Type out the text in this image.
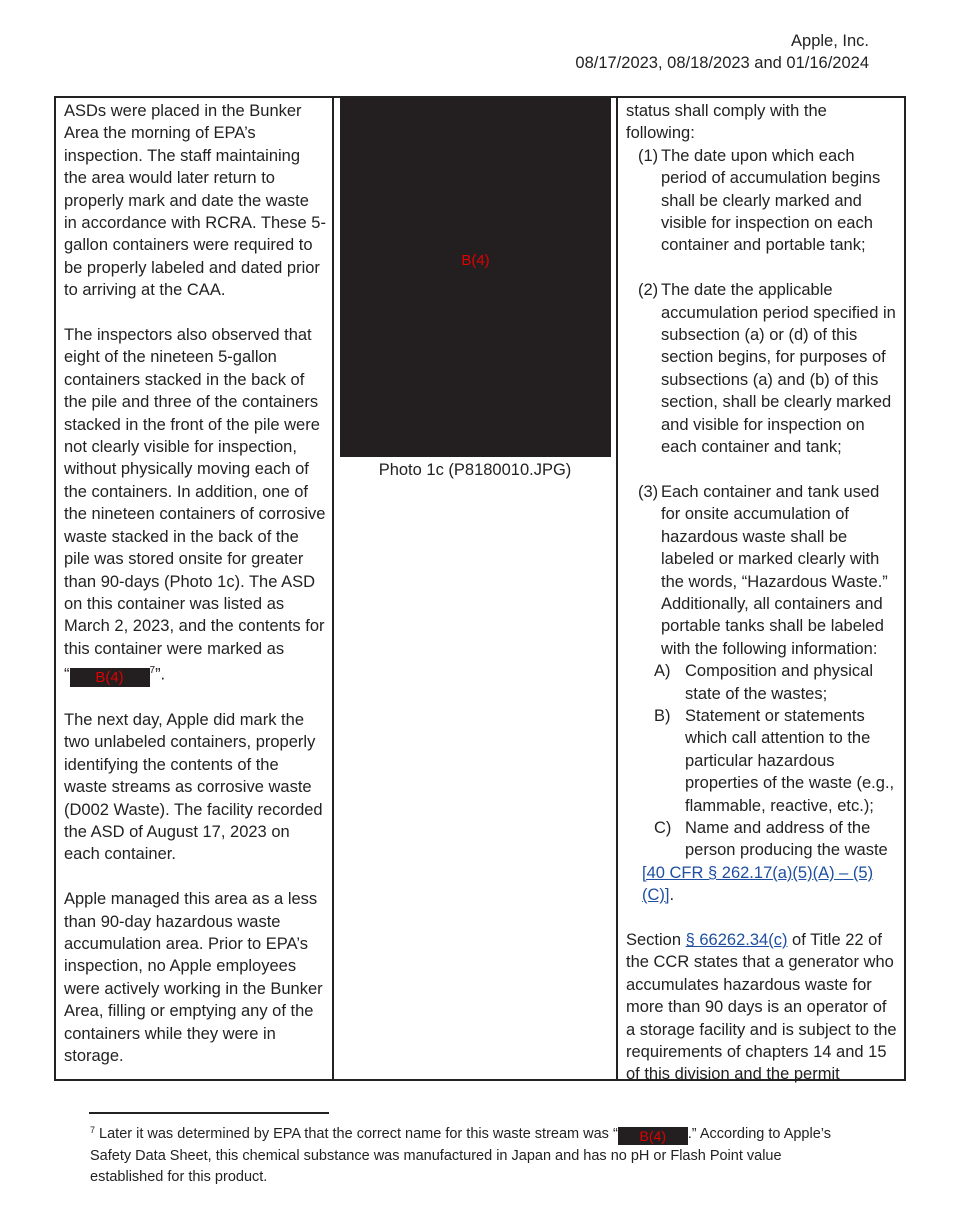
Apple, Inc.
08/17/2023, 08/18/2023 and 01/16/2024

ASDs were placed in the Bunker Area the morning of EPA’s inspection. The staff maintaining the area would later return to properly mark and date the waste in accordance with RCRA. These 5-gallon containers were required to be properly labeled and dated prior to arriving at the CAA.

The inspectors also observed that eight of the nineteen 5-gallon containers stacked in the back of the pile and three of the containers stacked in the front of the pile were not clearly visible for inspection, without physically moving each of the containers. In addition, one of the nineteen containers of corrosive waste stacked in the back of the pile was stored onsite for greater than 90-days (Photo 1c). The ASD on this container was listed as March 2, 2023, and the contents for this container were marked as
“ B(4)	$^7$”.

The next day, Apple did mark the two unlabeled containers, properly identifying the contents of the waste streams as corrosive waste (D002 Waste). The facility recorded the ASD of August 17, 2023 on each container.

Apple managed this area as a less than 90-day hazardous waste accumulation area. Prior to EPA’s inspection, no Apple employees were actively working in the Bunker Area, filling or emptying any of the containers while they were in storage.

B(4)
Photo 1c (P8180010.JPG)
status shall comply with the following:
(1) The date upon which each period of accumulation begins shall be clearly marked and visible for inspection on each container and portable tank;
(2) The date the applicable accumulation period specified in subsection (a) or (d) of this section begins, for purposes of subsections (a) and (b) of this section, shall be clearly marked and visible for inspection on each container and tank;
(3) Each container and tank used for onsite accumulation of hazardous waste shall be labeled or marked clearly with the words, “Hazardous Waste.” Additionally, all containers and portable tanks shall be labeled with the following information:
A) Composition and physical state of the wastes;
B) Statement or statements which call attention to the particular hazardous properties of the waste (e.g., flammable, reactive, etc.);
C) Name and address of the person producing the waste
[40 CFR § 262.17(a)(5)(A) – (5)(C)].
Section § 66262.34(c) of Title 22 of the CCR states that a generator who accumulates hazardous waste for more than 90 days is an operator of a storage facility and is subject to the requirements of chapters 14 and 15 of this division and the permit
$^7$ Later it was determined by EPA that the correct name for this waste stream was “ B(4) .” According to Apple’s Safety Data Sheet, this chemical substance was manufactured in Japan and has no pH or Flash Point value established for this product.
